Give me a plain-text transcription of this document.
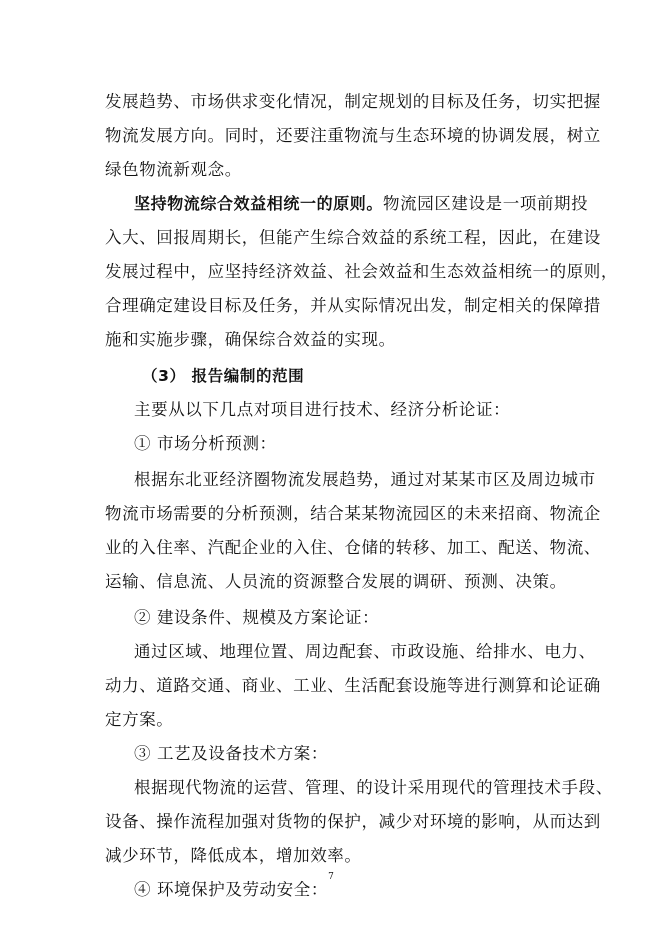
发展趋势、市场供求变化情况，制定规划的目标及任务，切实把握
物流发展方向。同时，还要注重物流与生态环境的协调发展，树立
绿色物流新观念。
坚持物流综合效益相统一的原则。物流园区建设是一项前期投
入大、回报周期长，但能产生综合效益的系统工程，因此，在建设
发展过程中，应坚持经济效益、社会效益和生态效益相统一的原则，
合理确定建设目标及任务，并从实际情况出发，制定相关的保障措
施和实施步骤，确保综合效益的实现。
（3） 报告编制的范围
主要从以下几点对项目进行技术、经济分析论证：
① 市场分析预测：
根据东北亚经济圈物流发展趋势，通过对某某市区及周边城市
物流市场需要的分析预测，结合某某物流园区的未来招商、物流企
业的入住率、汽配企业的入住、仓储的转移、加工、配送、物流、
运输、信息流、人员流的资源整合发展的调研、预测、决策。
② 建设条件、规模及方案论证：
通过区域、地理位置、周边配套、市政设施、给排水、电力、
动力、道路交通、商业、工业、生活配套设施等进行测算和论证确
定方案。
③ 工艺及设备技术方案：
根据现代物流的运营、管理、的设计采用现代的管理技术手段、
设备、操作流程加强对货物的保护，减少对环境的影响，从而达到
减少环节，降低成本，增加效率。
④ 环境保护及劳动安全：
7
